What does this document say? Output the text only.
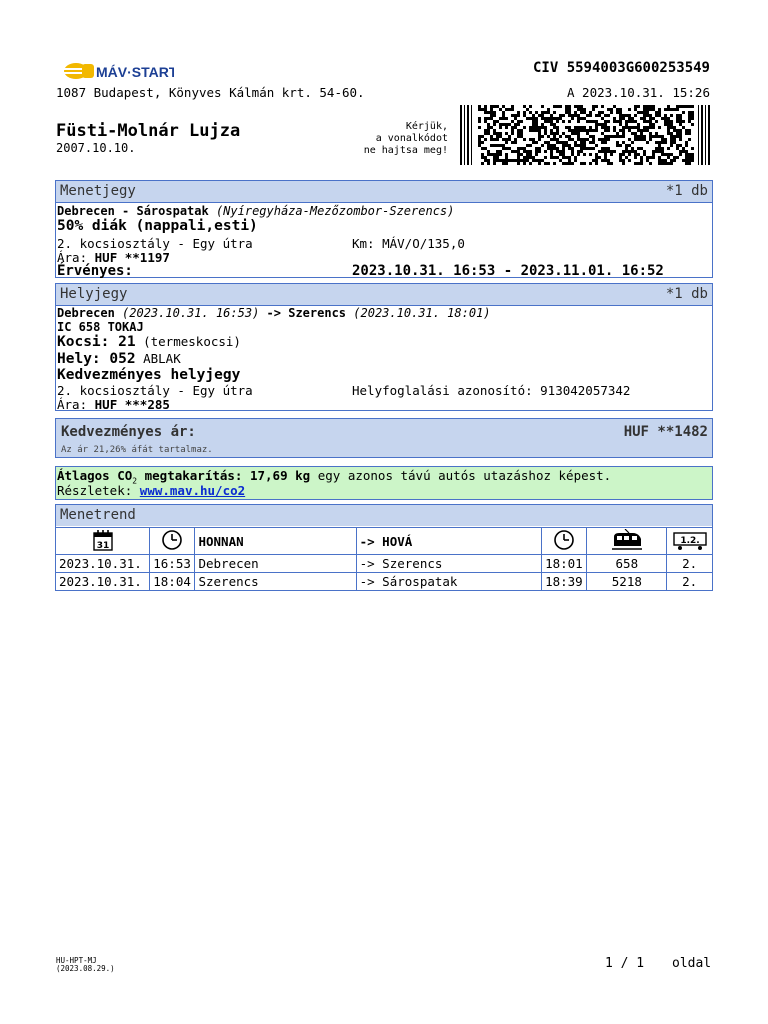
MÁV·START	CIV 5594003G600253549
1087 Budapest, Könyves Kálmán krt. 54-60.	A 2023.10.31. 15:26
Füsti-Molnár Lujza
2007.10.10.
Kérjük,
a vonalkódot
ne hajtsa meg!
Menetjegy	*1 db
Debrecen - Sárospatak (Nyíregyháza-Mezőzombor-Szerencs)
50% diák (nappali,esti)
2. kocsiosztály - Egy útra	Km: MÁV/O/135,0
Ára: HUF **1197
Érvényes:	2023.10.31. 16:53 - 2023.11.01. 16:52
Helyjegy	*1 db
Debrecen (2023.10.31. 16:53) -> Szerencs (2023.10.31. 18:01)
IC 658 TOKAJ
Kocsi: 21 (termeskocsi)
Hely: 052 ABLAK
Kedvezményes helyjegy
2. kocsiosztály - Egy útra	Helyfoglalási azonosító: 913042057342
Ára: HUF ***285
Kedvezményes ár:	HUF **1482
Az ár 21,26% áfát tartalmaz.
Átlagos $CO_2$ megtakarítás: 17,69 kg egy azonos távú autós utazáshoz képest.
Részletek: www.mav.hu/co2
Menetrend
31		HONNAN	-> HOVÁ			1.2.

2023.10.31.	16:53	Debrecen	-> Szerencs	18:01	658	2.
2023.10.31.	18:04	Szerencs	-> Sárospatak	18:39	5218	2.
HU-HPT-MJ
(2023.08.29.)	1 / 1 oldal
